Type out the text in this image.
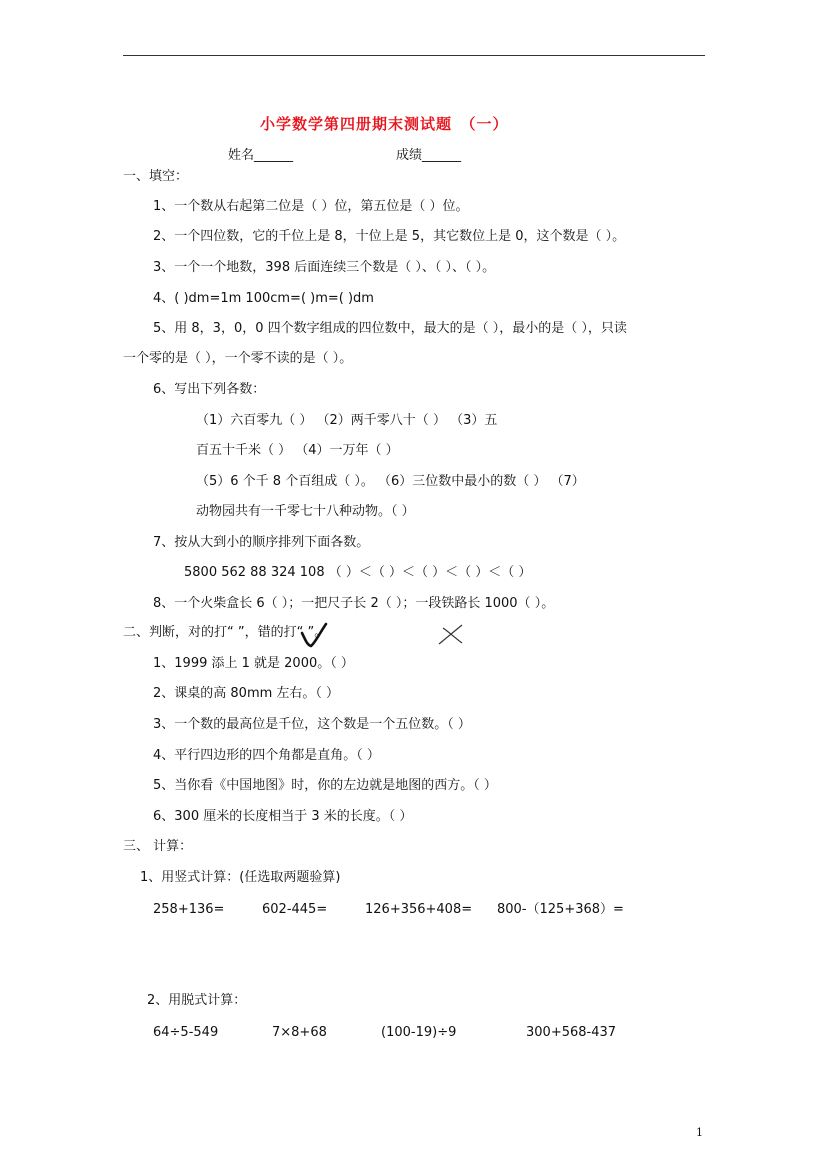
小学数学第四册期末测试题　（一）
姓名______	成绩______
一、填空：
1、一个数从右起第二位是（ ）位，第五位是（ ）位。
2、一个四位数，它的千位上是 8，十位上是 5，其它数位上是 0，这个数是（ ）。
3、一个一个地数，398 后面连续三个数是（ ）、（ ）、（ ）。
4、( )dm=1m 100cm=( )m=( )dm
5、用 8，3，0，0 四个数字组成的四位数中，最大的是（ ），最小的是（ ），只读
一个零的是（ ），一个零不读的是（ ）。
6、写出下列各数：
（1）六百零九（ ） （2）两千零八十（ ） （3）五
百五十千米（ ） （4）一万年（ ）
（5）6 个千 8 个百组成（ ）。 （6）三位数中最小的数（ ） （7）
动物园共有一千零七十八种动物。（ ）
7、按从大到小的顺序排列下面各数。
5800 562 88 324 108 （ ）＜（ ）＜（ ）＜（ ）＜（ ）
8、一个火柴盒长 6（ ）；一把尺子长 2（ ）；一段铁路长 1000（ ）。
二、判断，对的打“ ”，错的打“ ”。
1、1999 添上 1 就是 2000。（ ）
2、课桌的高 80mm 左右。（ ）
3、一个数的最高位是千位，这个数是一个五位数。（ ）
4、平行四边形的四个角都是直角。（ ）
5、当你看《中国地图》时，你的左边就是地图的西方。（ ）
6、300 厘米的长度相当于 3 米的长度。（ ）
三、 计算：
1、用竖式计算：(任选取两题验算)
258+136=	602-445=	126+356+408= 800-（125+368）=
2、用脱式计算：
64÷5-549	7×8+68	(100-19)÷9	300+568-437
1
